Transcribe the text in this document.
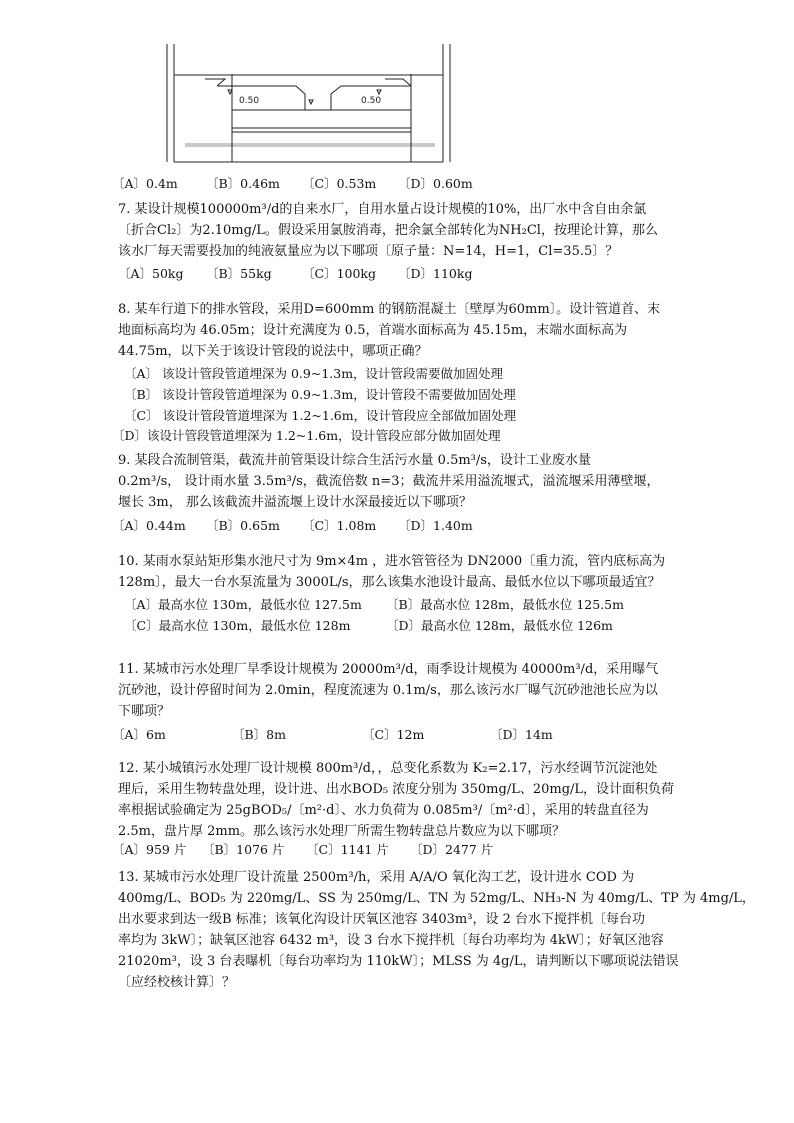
0.50	0.50
〔A〕0.4m 〔B〕0.46m 〔C〕0.53m 〔D〕0.60m
7. 某设计规模100000m³/d的自来水厂，自用水量占设计规模的10%，出厂水中含自由余氯
〔折合Cl₂〕为2.10mg/L。假设采用氯胺消毒，把余氯全部转化为NH₂Cl，按理论计算，那么
该水厂每天需要投加的纯液氨量应为以下哪项〔原子量：N=14，H=1，Cl=35.5〕？
〔A〕50kg 〔B〕55kg 〔C〕100kg 〔D〕110kg
8. 某车行道下的排水管段，采用D=600mm 的钢筋混凝土〔壁厚为60mm〕。设计管道首、末
地面标高均为 46.05m；设计充满度为 0.5，首端水面标高为 45.15m，末端水面标高为
44.75m，以下关于该设计管段的说法中，哪项正确？
〔A〕 该设计管段管道埋深为 0.9~1.3m，设计管段需要做加固处理
〔B〕 该设计管段管道埋深为 0.9~1.3m，设计管段不需要做加固处理
〔C〕 该设计管段管道埋深为 1.2~1.6m，设计管段应全部做加固处理
〔D〕该设计管段管道埋深为 1.2~1.6m，设计管段应部分做加固处理
9. 某段合流制管渠，截流井前管渠设计综合生活污水量 0.5m³/s，设计工业废水量
0.2m³/s， 设计雨水量 3.5m³/s，截流倍数 n=3；截流井采用溢流堰式，溢流堰采用薄壁堰，
堰长 3m， 那么该截流井溢流堰上设计水深最接近以下哪项？
〔A〕0.44m 〔B〕0.65m 〔C〕1.08m 〔D〕1.40m
10. 某雨水泵站矩形集水池尺寸为 9m×4m ，进水管管径为 DN2000〔重力流，管内底标高为
128m〕，最大一台水泵流量为 3000L/s，那么该集水池设计最高、最低水位以下哪项最适宜？
〔A〕最高水位 130m，最低水位 127.5m 〔B〕最高水位 128m，最低水位 125.5m
〔C〕最高水位 130m，最低水位 128m	〔D〕最高水位 128m，最低水位 126m
11. 某城市污水处理厂旱季设计规模为 20000m³/d，雨季设计规模为 40000m³/d，采用曝气
沉砂池，设计停留时间为 2.0min，程度流速为 0.1m/s，那么该污水厂曝气沉砂池池长应为以
下哪项？
〔A〕6m	〔B〕8m	〔C〕12m	〔D〕14m
12. 某小城镇污水处理厂设计规模 800m³/d，，总变化系数为 K₂=2.17，污水经调节沉淀池处
理后，采用生物转盘处理，设计进、出水BOD₅ 浓度分别为 350mg/L、20mg/L，设计面积负荷
率根据试验确定为 25gBOD₅/〔m²·d〕、水力负荷为 0.085m³/〔m²·d〕，采用的转盘直径为
2.5m，盘片厚 2mm。那么该污水处理厂所需生物转盘总片数应为以下哪项？
〔A〕959 片 〔B〕1076 片 〔C〕1141 片 〔D〕2477 片
13. 某城市污水处理厂设计流量 2500m³/h，采用 A/A/O 氧化沟工艺，设计进水 COD 为
400mg/L、BOD₅ 为 220mg/L、SS 为 250mg/L、TN 为 52mg/L、NH₃-N 为 40mg/L、TP 为 4mg/L，
出水要求到达一级B 标准；该氧化沟设计厌氧区池容 3403m³，设 2 台水下搅拌机〔每台功
率均为 3kW〕；缺氧区池容 6432 m³，设 3 台水下搅拌机〔每台功率均为 4kW〕；好氧区池容
21020m³，设 3 台表曝机〔每台功率均为 110kW〕；MLSS 为 4g/L，请判断以下哪项说法错误
〔应经校核计算〕？
